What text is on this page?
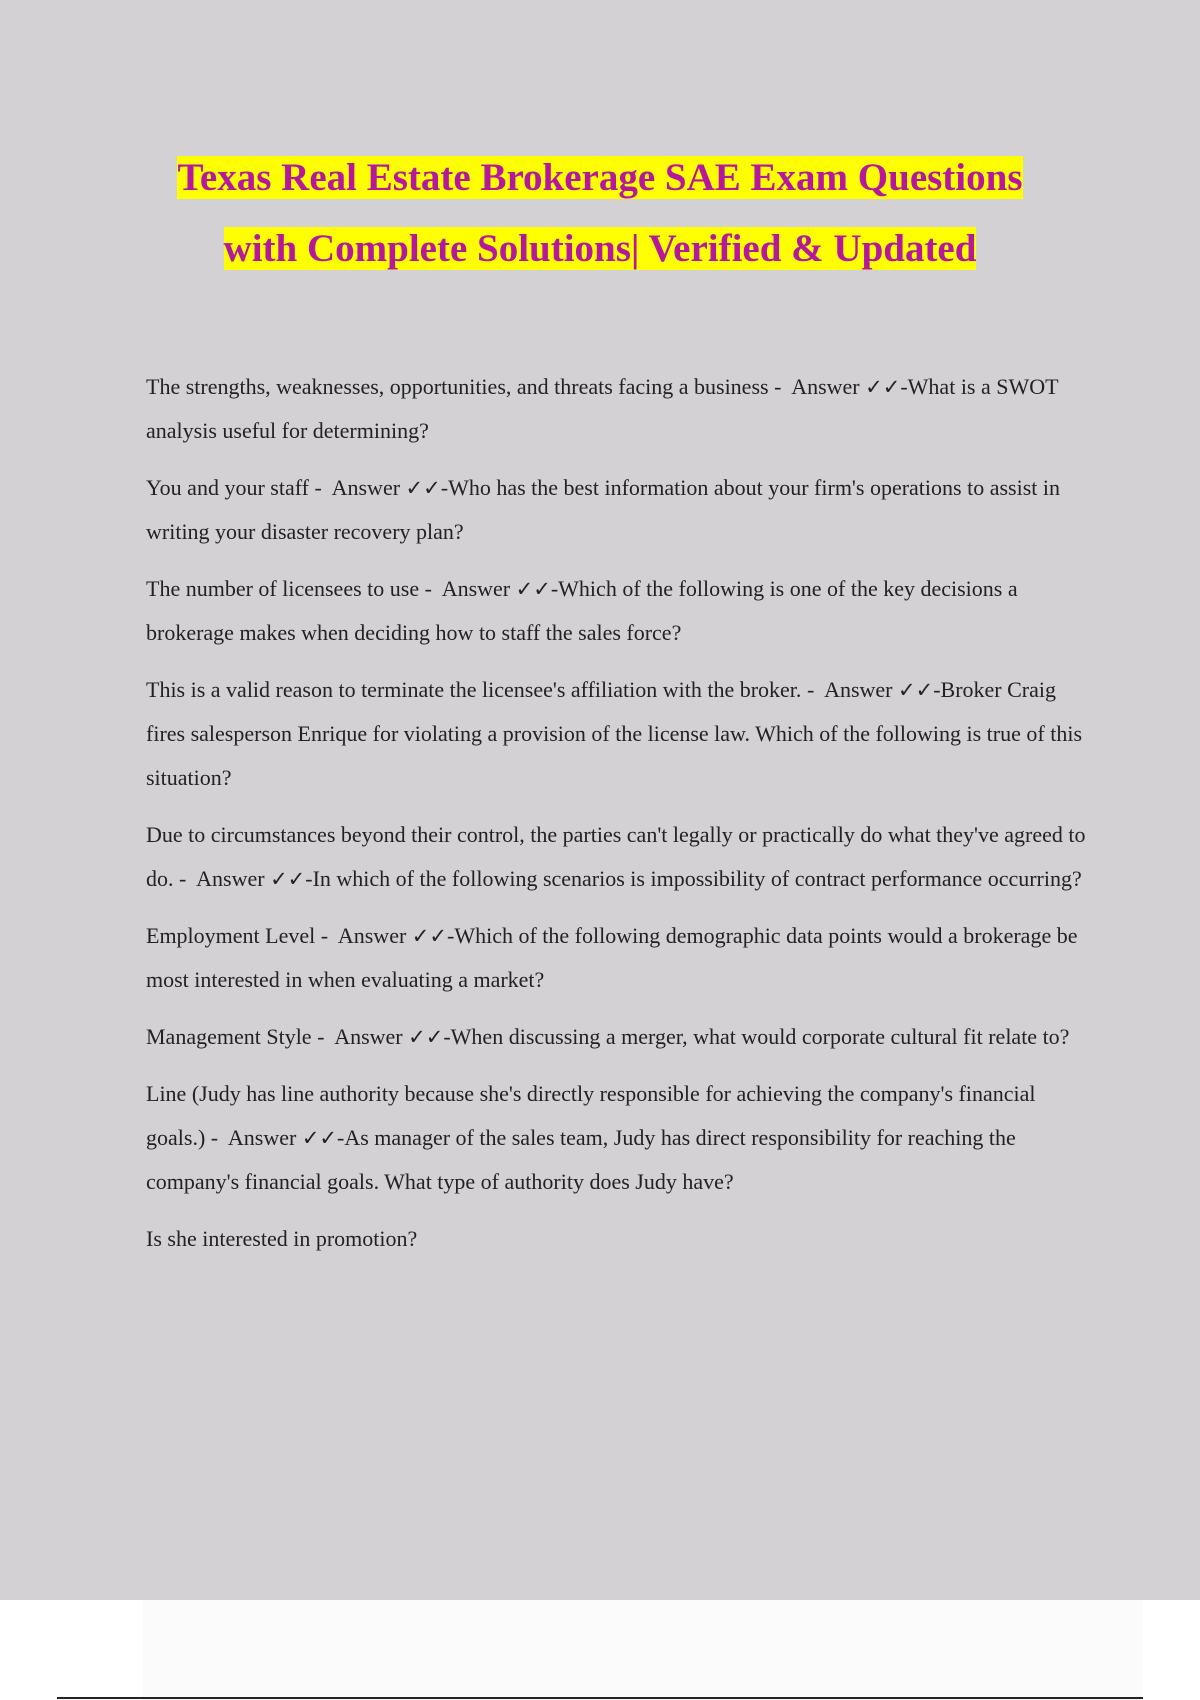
Texas Real Estate Brokerage SAE Exam Questions
with Complete Solutions| Verified & Updated

The strengths, weaknesses, opportunities, and threats facing a business -  Answer ✓✓-What is a SWOT analysis useful for determining?

You and your staff -  Answer ✓✓-Who has the best information about your firm's operations to assist in writing your disaster recovery plan?

The number of licensees to use -  Answer ✓✓-Which of the following is one of the key decisions a brokerage makes when deciding how to staff the sales force?

This is a valid reason to terminate the licensee's affiliation with the broker. -  Answer ✓✓-Broker Craig fires salesperson Enrique for violating a provision of the license law. Which of the following is true of this situation?

Due to circumstances beyond their control, the parties can't legally or practically do what they've agreed to do. -  Answer ✓✓-In which of the following scenarios is impossibility of contract performance occurring?

Employment Level -  Answer ✓✓-Which of the following demographic data points would a brokerage be most interested in when evaluating a market?

Management Style -  Answer ✓✓-When discussing a merger, what would corporate cultural fit relate to?

Line (Judy has line authority because she's directly responsible for achieving the company's financial goals.) -  Answer ✓✓-As manager of the sales team, Judy has direct responsibility for reaching the company's financial goals. What type of authority does Judy have?

Is she interested in promotion?
